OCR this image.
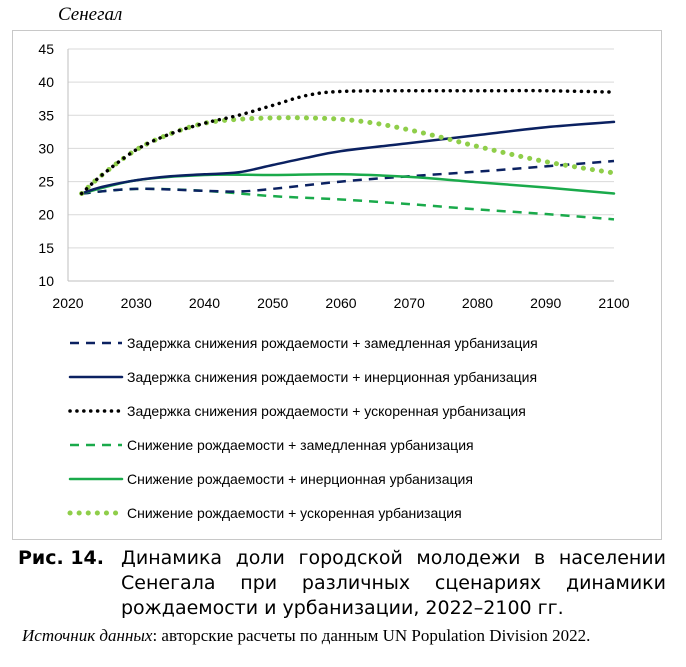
Сенегал
10
15
20
25
30
35
40
45
2020	2030	2040	2050	2060	2070	2080	2090	2100
Задержка снижения рождаемости + замедленная урбанизация
Задержка снижения рождаемости + инерционная урбанизация
Задержка снижения рождаемости + ускоренная урбанизация
Снижение рождаемости + замедленная урбанизация
Снижение рождаемости + инерционная урбанизация
Снижение рождаемости + ускоренная урбанизация
Рис. 14. Динамика доли городской молодежи в населении Сенегала при различных сценариях динамики рождаемости и урбанизации, 2022–2100 гг.
Источник данных: авторские расчеты по данным UN Population Division 2022.
